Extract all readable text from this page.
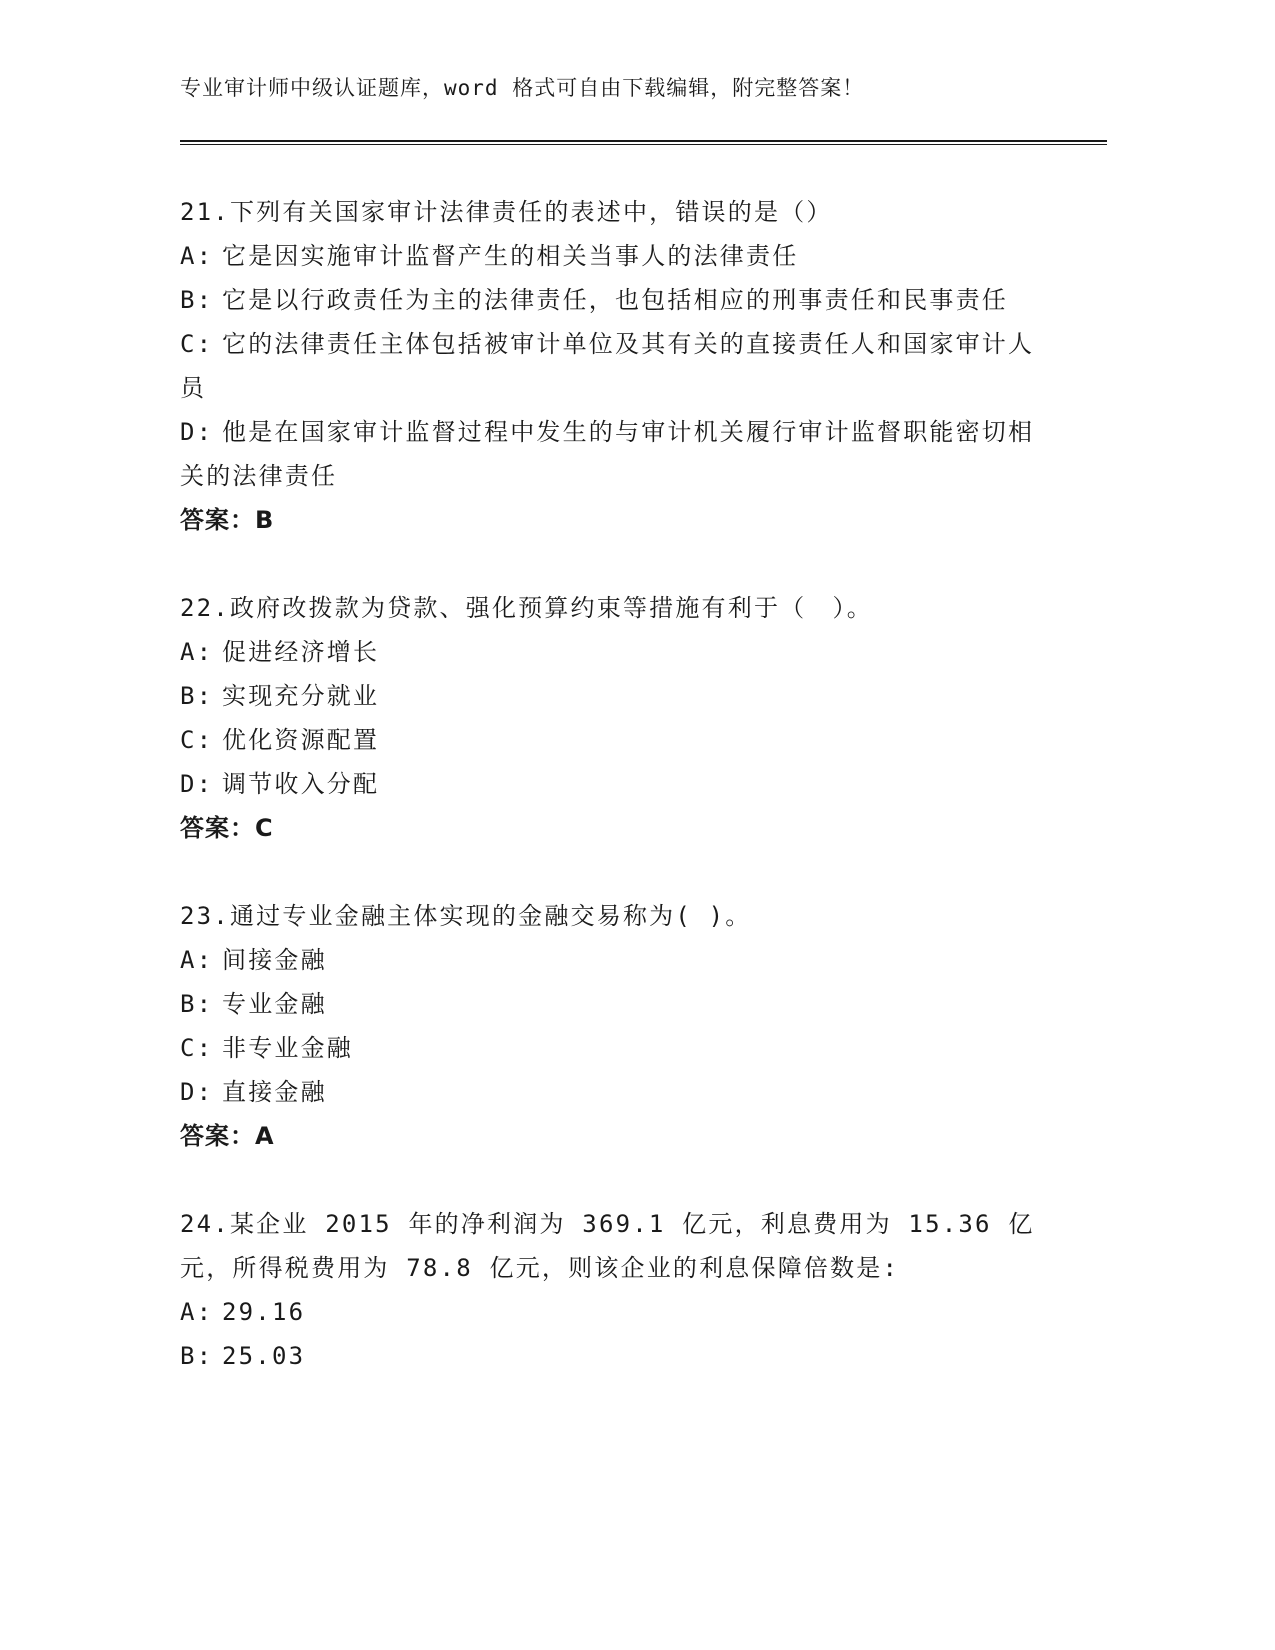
专业审计师中级认证题库，word 格式可自由下载编辑，附完整答案！
21.下列有关国家审计法律责任的表述中，错误的是（）
A: 它是因实施审计监督产生的相关当事人的法律责任
B: 它是以行政责任为主的法律责任，也包括相应的刑事责任和民事责任
C: 它的法律责任主体包括被审计单位及其有关的直接责任人和国家审计人员
D: 他是在国家审计监督过程中发生的与审计机关履行审计监督职能密切相关的法律责任
答案：B
22.政府改拨款为贷款、强化预算约束等措施有利于（　）。
A: 促进经济增长
B: 实现充分就业
C: 优化资源配置
D: 调节收入分配
答案：C
23.通过专业金融主体实现的金融交易称为( )。
A: 间接金融
B: 专业金融
C: 非专业金融
D: 直接金融
答案：A
24.某企业 2015 年的净利润为 369.1 亿元，利息费用为 15.36 亿元，所得税费用为 78.8 亿元，则该企业的利息保障倍数是:
A: 29.16
B: 25.03
